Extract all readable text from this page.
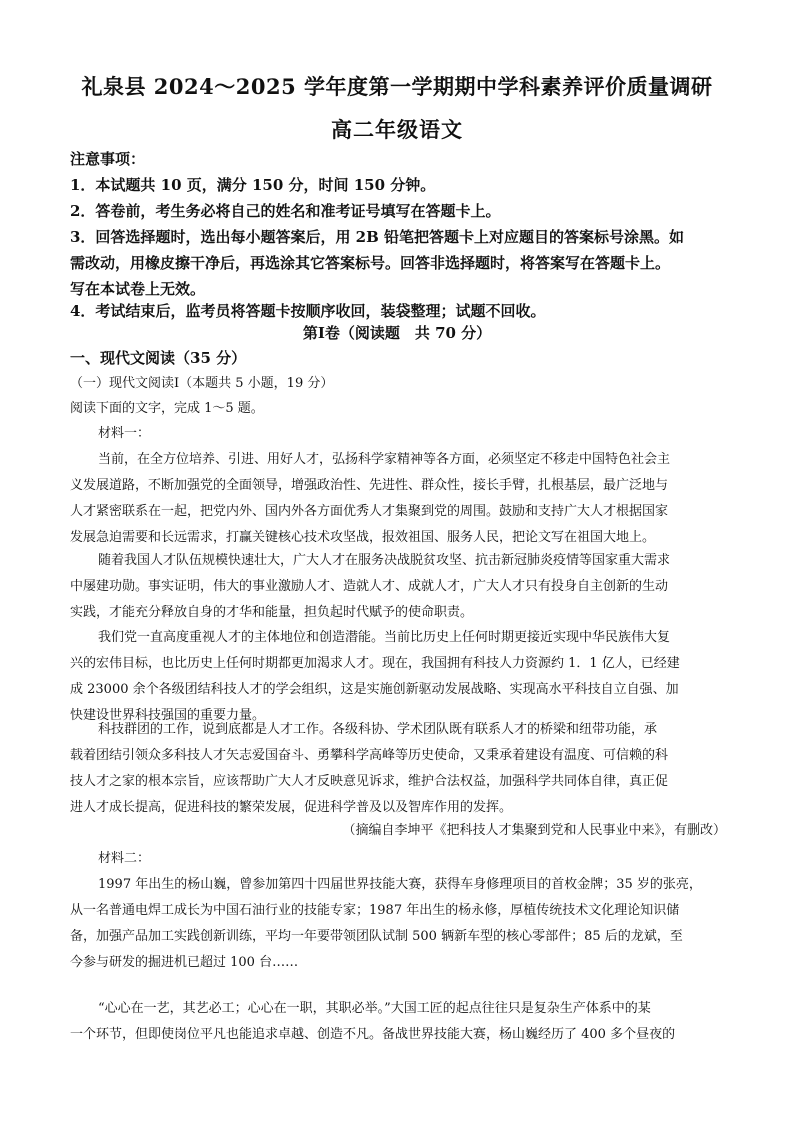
礼泉县 2024～2025 学年度第一学期期中学科素养评价质量调研
高二年级语文
注意事项：
1．本试题共 10 页，满分 150 分，时间 150 分钟。
2．答卷前，考生务必将自己的姓名和准考证号填写在答题卡上。
3．回答选择题时，选出每小题答案后，用 2B 铅笔把答题卡上对应题目的答案标号涂黑。如
需改动，用橡皮擦干净后，再选涂其它答案标号。回答非选择题时，将答案写在答题卡上。
写在本试卷上无效。
4．考试结束后，监考员将答题卡按顺序收回，装袋整理；试题不回收。
第Ⅰ卷（阅读题　共 70 分）
一、现代文阅读（35 分）
（一）现代文阅读Ⅰ（本题共 5 小题，19 分）
阅读下面的文字，完成 1～5 题。
材料一：
当前，在全方位培养、引进、用好人才，弘扬科学家精神等各方面，必须坚定不移走中国特色社会主
义发展道路，不断加强党的全面领导，增强政治性、先进性、群众性，接长手臂，扎根基层，最广泛地与
人才紧密联系在一起，把党内外、国内外各方面优秀人才集聚到党的周围。鼓励和支持广大人才根据国家
发展急迫需要和长远需求，打赢关键核心技术攻坚战，报效祖国、服务人民，把论文写在祖国大地上。
随着我国人才队伍规模快速壮大，广大人才在服务决战脱贫攻坚、抗击新冠肺炎疫情等国家重大需求
中屡建功勋。事实证明，伟大的事业激励人才、造就人才、成就人才，广大人才只有投身自主创新的生动
实践，才能充分释放自身的才华和能量，担负起时代赋予的使命职责。
我们党一直高度重视人才的主体地位和创造潜能。当前比历史上任何时期更接近实现中华民族伟大复
兴的宏伟目标，也比历史上任何时期都更加渴求人才。现在，我国拥有科技人力资源约 1．1 亿人，已经建
成 23000 余个各级团结科技人才的学会组织，这是实施创新驱动发展战略、实现高水平科技自立自强、加
快建设世界科技强国的重要力量。
科技群团的工作，说到底都是人才工作。各级科协、学术团队既有联系人才的桥梁和纽带功能，承
载着团结引领众多科技人才矢志爱国奋斗、勇攀科学高峰等历史使命，又秉承着建设有温度、可信赖的科
技人才之家的根本宗旨，应该帮助广大人才反映意见诉求，维护合法权益，加强科学共同体自律，真正促
进人才成长提高，促进科技的繁荣发展，促进科学普及以及智库作用的发挥。
（摘编自李坤平《把科技人才集聚到党和人民事业中来》，有删改）
材料二：
1997 年出生的杨山巍，曾参加第四十四届世界技能大赛，获得车身修理项目的首枚金牌；35 岁的张亮，
从一名普通电焊工成长为中国石油行业的技能专家；1987 年出生的杨永修，厚植传统技术文化理论知识储
备，加强产品加工实践创新训练，平均一年要带领团队试制 500 辆新车型的核心零部件；85 后的龙斌，至
今参与研发的掘进机已超过 100 台……
“心心在一艺，其艺必工；心心在一职，其职必举。”大国工匠的起点往往只是复杂生产体系中的某
一个环节，但即使岗位平凡也能追求卓越、创造不凡。备战世界技能大赛，杨山巍经历了 400 多个昼夜的
